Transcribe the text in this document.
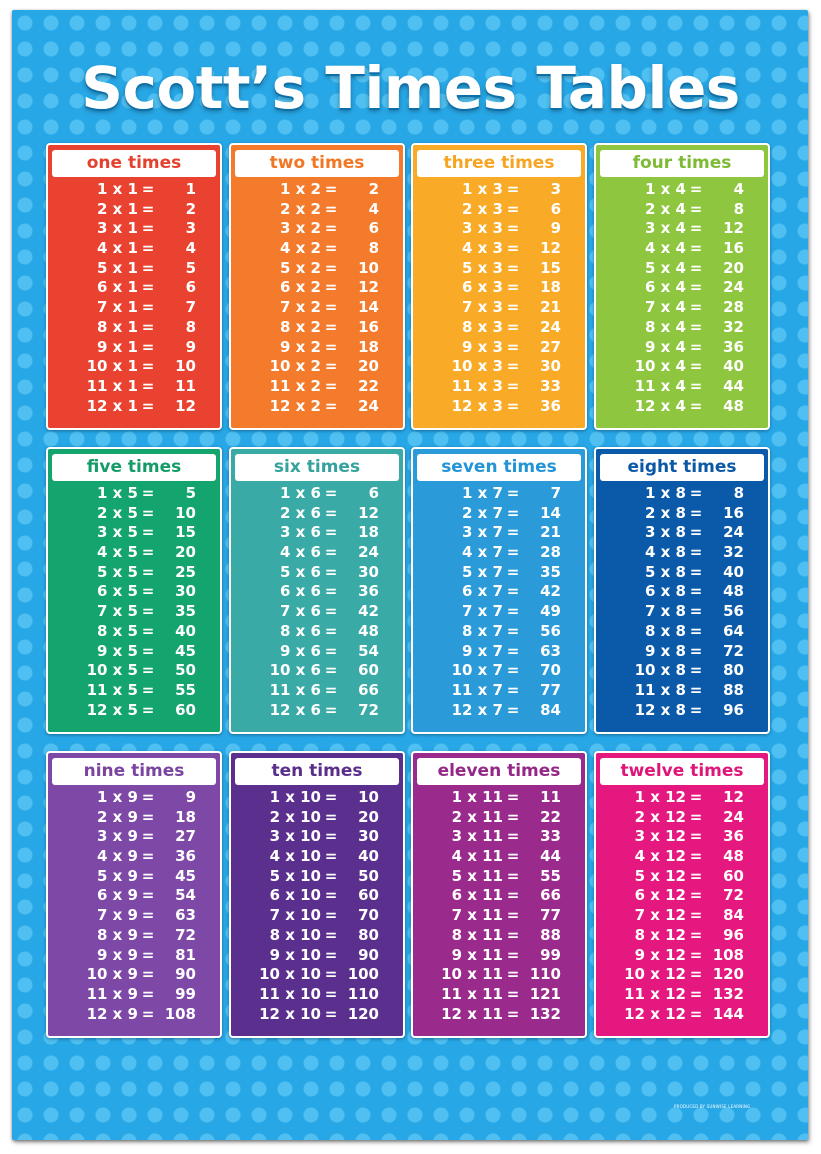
Scott’s Times Tables
one times
1 x 1 = 1
2 x 1 = 2
3 x 1 = 3
4 x 1 = 4
5 x 1 = 5
6 x 1 = 6
7 x 1 = 7
8 x 1 = 8
9 x 1 = 9
10 x 1 = 10
11 x 1 = 11
12 x 1 = 12
two times
1 x 2 = 2
2 x 2 = 4
3 x 2 = 6
4 x 2 = 8
5 x 2 = 10
6 x 2 = 12
7 x 2 = 14
8 x 2 = 16
9 x 2 = 18
10 x 2 = 20
11 x 2 = 22
12 x 2 = 24
three times
1 x 3 = 3
2 x 3 = 6
3 x 3 = 9
4 x 3 = 12
5 x 3 = 15
6 x 3 = 18
7 x 3 = 21
8 x 3 = 24
9 x 3 = 27
10 x 3 = 30
11 x 3 = 33
12 x 3 = 36
four times
1 x 4 = 4
2 x 4 = 8
3 x 4 = 12
4 x 4 = 16
5 x 4 = 20
6 x 4 = 24
7 x 4 = 28
8 x 4 = 32
9 x 4 = 36
10 x 4 = 40
11 x 4 = 44
12 x 4 = 48
five times
1 x 5 = 5
2 x 5 = 10
3 x 5 = 15
4 x 5 = 20
5 x 5 = 25
6 x 5 = 30
7 x 5 = 35
8 x 5 = 40
9 x 5 = 45
10 x 5 = 50
11 x 5 = 55
12 x 5 = 60
six times
1 x 6 = 6
2 x 6 = 12
3 x 6 = 18
4 x 6 = 24
5 x 6 = 30
6 x 6 = 36
7 x 6 = 42
8 x 6 = 48
9 x 6 = 54
10 x 6 = 60
11 x 6 = 66
12 x 6 = 72
seven times
1 x 7 = 7
2 x 7 = 14
3 x 7 = 21
4 x 7 = 28
5 x 7 = 35
6 x 7 = 42
7 x 7 = 49
8 x 7 = 56
9 x 7 = 63
10 x 7 = 70
11 x 7 = 77
12 x 7 = 84
eight times
1 x 8 = 8
2 x 8 = 16
3 x 8 = 24
4 x 8 = 32
5 x 8 = 40
6 x 8 = 48
7 x 8 = 56
8 x 8 = 64
9 x 8 = 72
10 x 8 = 80
11 x 8 = 88
12 x 8 = 96
nine times
1 x 9 = 9
2 x 9 = 18
3 x 9 = 27
4 x 9 = 36
5 x 9 = 45
6 x 9 = 54
7 x 9 = 63
8 x 9 = 72
9 x 9 = 81
10 x 9 = 90
11 x 9 = 99
12 x 9 = 108
ten times
1 x 10 = 10
2 x 10 = 20
3 x 10 = 30
4 x 10 = 40
5 x 10 = 50
6 x 10 = 60
7 x 10 = 70
8 x 10 = 80
9 x 10 = 90
10 x 10 = 100
11 x 10 = 110
12 x 10 = 120
eleven times
1 x 11 = 11
2 x 11 = 22
3 x 11 = 33
4 x 11 = 44
5 x 11 = 55
6 x 11 = 66
7 x 11 = 77
8 x 11 = 88
9 x 11 = 99
10 x 11 = 110
11 x 11 = 121
12 x 11 = 132
twelve times
1 x 12 = 12
2 x 12 = 24
3 x 12 = 36
4 x 12 = 48
5 x 12 = 60
6 x 12 = 72
7 x 12 = 84
8 x 12 = 96
9 x 12 = 108
10 x 12 = 120
11 x 12 = 132
12 x 12 = 144
PRODUCED BY SUNWISE LEARNING
